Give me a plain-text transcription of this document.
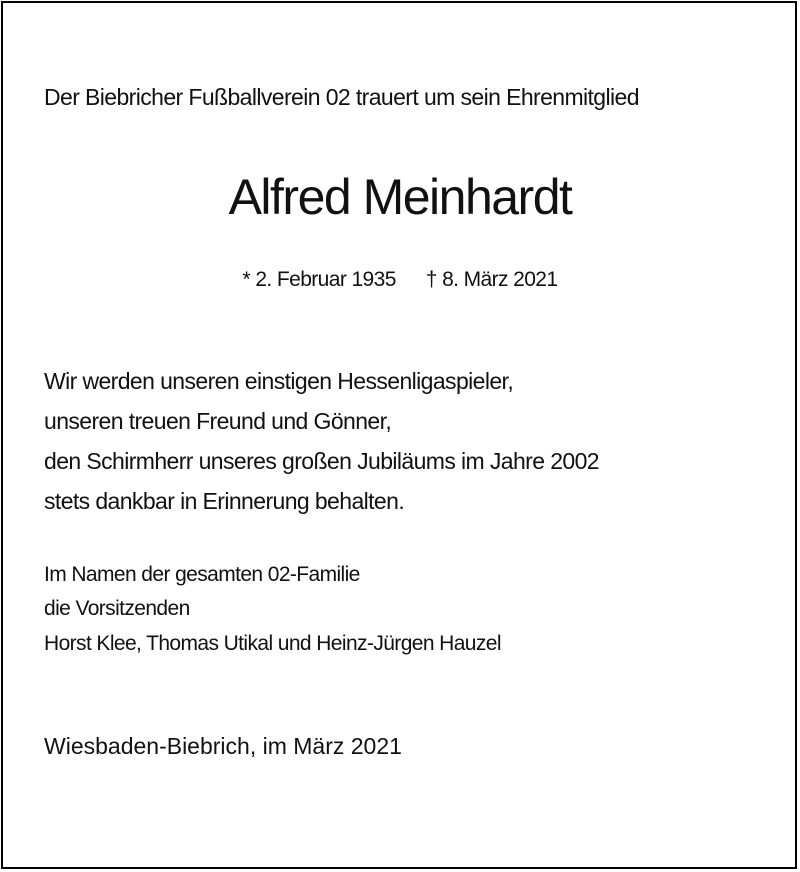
Der Biebricher Fußballverein 02 trauert um sein Ehrenmitglied
Alfred Meinhardt
* 2. Februar 1935 † 8. März 2021
Wir werden unseren einstigen Hessenligaspieler,
unseren treuen Freund und Gönner,
den Schirmherr unseres großen Jubiläums im Jahre 2002
stets dankbar in Erinnerung behalten.
Im Namen der gesamten 02-Familie
die Vorsitzenden
Horst Klee, Thomas Utikal und Heinz-Jürgen Hauzel
Wiesbaden-Biebrich, im März 2021
